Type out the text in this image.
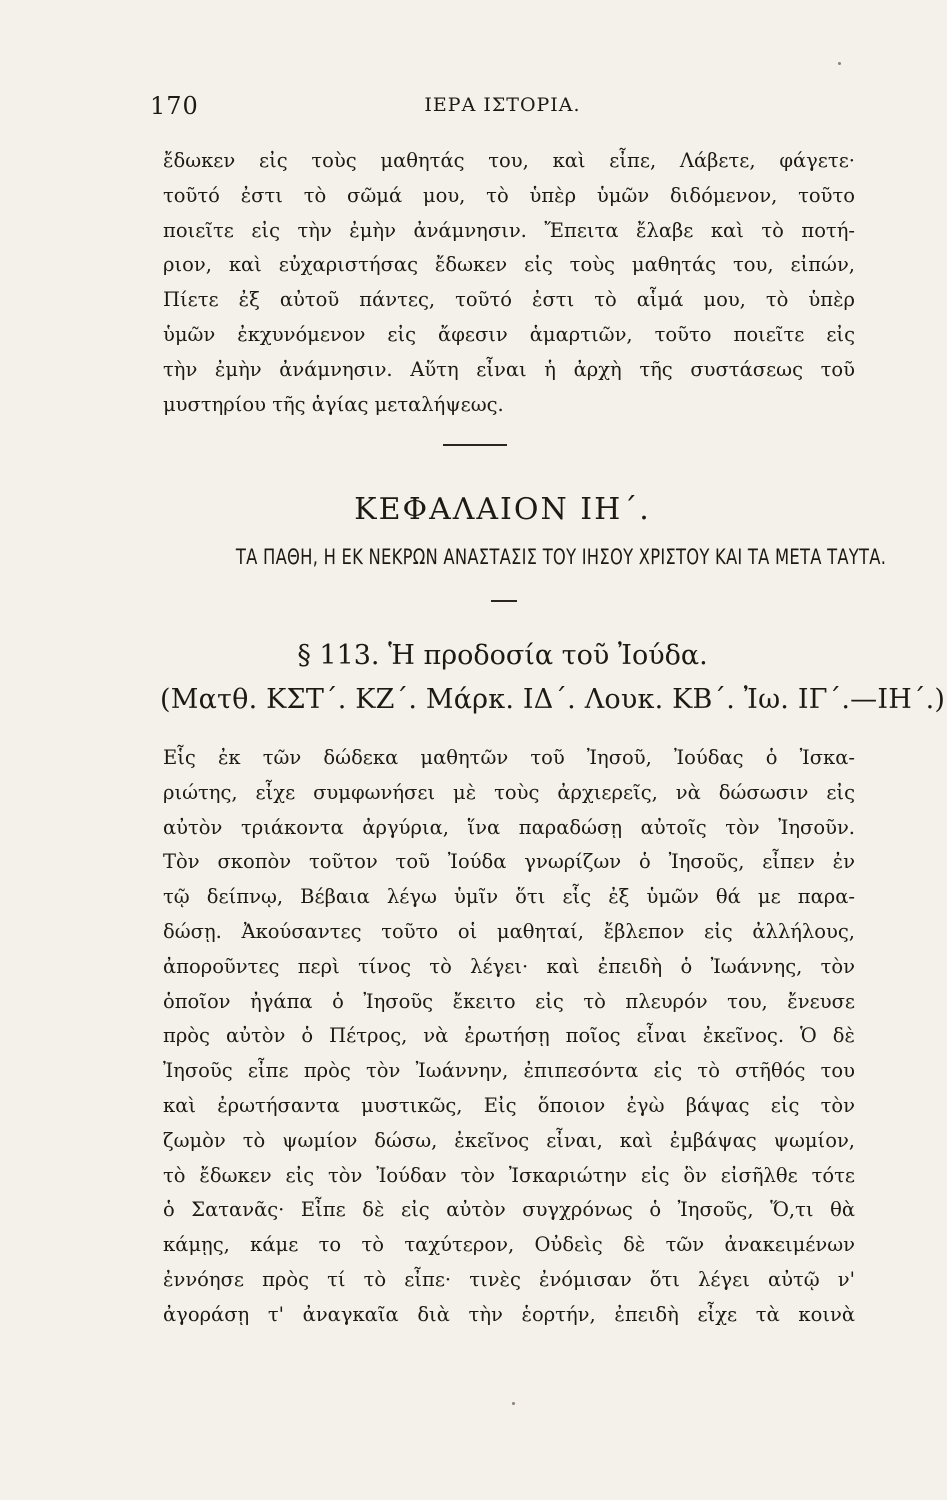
170	ΙΕΡΑ ΙΣΤΟΡΙΑ.
ἔδωκεν εἰς τοὺς μαθητάς του, καὶ εἶπε, Λάβετε, φάγετε·
τοῦτό ἐστι τὸ σῶμά μου, τὸ ὑπὲρ ὑμῶν διδόμενον, τοῦτο
ποιεῖτε εἰς τὴν ἐμὴν ἀνάμνησιν. Ἔπειτα ἔλαβε καὶ τὸ ποτή-
ριον, καὶ εὐχαριστήσας ἔδωκεν εἰς τοὺς μαθητάς του, εἰπών,
Πίετε ἐξ αὐτοῦ πάντες, τοῦτό ἐστι τὸ αἷμά μου, τὸ ὑπὲρ
ὑμῶν ἐκχυνόμενον εἰς ἄφεσιν ἁμαρτιῶν, τοῦτο ποιεῖτε εἰς
τὴν ἐμὴν ἀνάμνησιν. Αὕτη εἶναι ἡ ἀρχὴ τῆς συστάσεως τοῦ
μυστηρίου τῆς ἁγίας μεταλήψεως.
ΚΕΦΑΛΑΙΟΝ ΙΗ΄.
ΤΑ ΠΑΘΗ, Η ΕΚ ΝΕΚΡΩΝ ΑΝΑΣΤΑΣΙΣ ΤΟΥ ΙΗΣΟΥ ΧΡΙΣΤΟΥ ΚΑΙ ΤΑ ΜΕΤΑ ΤΑΥΤΑ.
§ 113. Ἡ προδοσία τοῦ Ἰούδα.
(Ματθ. ΚΣΤ΄. ΚΖ΄. Μάρκ. ΙΔ΄. Λουκ. ΚΒ΄. Ἰω. ΙΓ΄.—ΙΗ΄.)
Εἷς ἐκ τῶν δώδεκα μαθητῶν τοῦ Ἰησοῦ, Ἰούδας ὁ Ἰσκα-
ριώτης, εἶχε συμφωνήσει μὲ τοὺς ἀρχιερεῖς, νὰ δώσωσιν εἰς
αὐτὸν τριάκοντα ἀργύρια, ἵνα παραδώσῃ αὐτοῖς τὸν Ἰησοῦν.
Τὸν σκοπὸν τοῦτον τοῦ Ἰούδα γνωρίζων ὁ Ἰησοῦς, εἶπεν ἐν
τῷ δείπνῳ, Βέβαια λέγω ὑμῖν ὅτι εἷς ἐξ ὑμῶν θά με παρα-
δώσῃ. Ἀκούσαντες τοῦτο οἱ μαθηταί, ἔβλεπον εἰς ἀλλήλους,
ἀποροῦντες περὶ τίνος τὸ λέγει· καὶ ἐπειδὴ ὁ Ἰωάννης, τὸν
ὁποῖον ἠγάπα ὁ Ἰησοῦς ἔκειτο εἰς τὸ πλευρόν του, ἔνευσε
πρὸς αὐτὸν ὁ Πέτρος, νὰ ἐρωτήσῃ ποῖος εἶναι ἐκεῖνος. Ὁ δὲ
Ἰησοῦς εἶπε πρὸς τὸν Ἰωάννην, ἐπιπεσόντα εἰς τὸ στῆθός του
καὶ ἐρωτήσαντα μυστικῶς, Εἰς ὅποιον ἐγὼ βάψας εἰς τὸν
ζωμὸν τὸ ψωμίον δώσω, ἐκεῖνος εἶναι, καὶ ἐμβάψας ψωμίον,
τὸ ἔδωκεν εἰς τὸν Ἰούδαν τὸν Ἰσκαριώτην εἰς ὃν εἰσῆλθε τότε
ὁ Σατανᾶς· Εἶπε δὲ εἰς αὐτὸν συγχρόνως ὁ Ἰησοῦς, Ὅ,τι θὰ
κάμῃς, κάμε το τὸ ταχύτερον, Οὐδεὶς δὲ τῶν ἀνακειμένων
ἐννόησε πρὸς τί τὸ εἶπε· τινὲς ἐνόμισαν ὅτι λέγει αὐτῷ ν'
ἀγοράσῃ τ' ἀναγκαῖα διὰ τὴν ἑορτήν, ἐπειδὴ εἶχε τὰ κοινὰ
